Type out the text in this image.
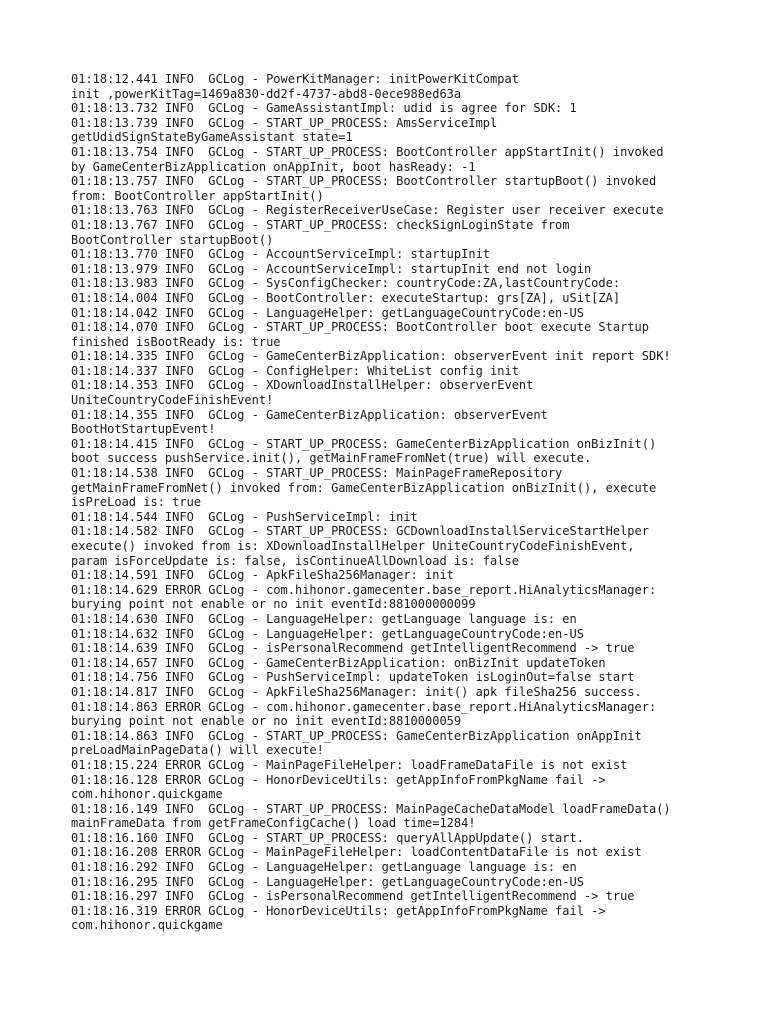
01:18:12.441 INFO  GCLog - PowerKitManager: initPowerKitCompat
init ,powerKitTag=1469a830-dd2f-4737-abd8-0ece988ed63a
01:18:13.732 INFO  GCLog - GameAssistantImpl: udid is agree for SDK: 1
01:18:13.739 INFO  GCLog - START_UP_PROCESS: AmsServiceImpl
getUdidSignStateByGameAssistant state=1
01:18:13.754 INFO  GCLog - START_UP_PROCESS: BootController appStartInit() invoked
by GameCenterBizApplication onAppInit, boot hasReady: -1
01:18:13.757 INFO  GCLog - START_UP_PROCESS: BootController startupBoot() invoked
from: BootController appStartInit()
01:18:13.763 INFO  GCLog - RegisterReceiverUseCase: Register user receiver execute
01:18:13.767 INFO  GCLog - START_UP_PROCESS: checkSignLoginState from
BootController startupBoot()
01:18:13.770 INFO  GCLog - AccountServiceImpl: startupInit
01:18:13.979 INFO  GCLog - AccountServiceImpl: startupInit end not login
01:18:13.983 INFO  GCLog - SysConfigChecker: countryCode:ZA,lastCountryCode:
01:18:14.004 INFO  GCLog - BootController: executeStartup: grs[ZA], uSit[ZA]
01:18:14.042 INFO  GCLog - LanguageHelper: getLanguageCountryCode:en-US
01:18:14.070 INFO  GCLog - START_UP_PROCESS: BootController boot execute Startup
finished isBootReady is: true
01:18:14.335 INFO  GCLog - GameCenterBizApplication: observerEvent init report SDK!
01:18:14.337 INFO  GCLog - ConfigHelper: WhiteList config init
01:18:14.353 INFO  GCLog - XDownloadInstallHelper: observerEvent
UniteCountryCodeFinishEvent!
01:18:14.355 INFO  GCLog - GameCenterBizApplication: observerEvent
BootHotStartupEvent!
01:18:14.415 INFO  GCLog - START_UP_PROCESS: GameCenterBizApplication onBizInit()
boot success pushService.init(), getMainFrameFromNet(true) will execute.
01:18:14.538 INFO  GCLog - START_UP_PROCESS: MainPageFrameRepository
getMainFrameFromNet() invoked from: GameCenterBizApplication onBizInit(), execute
isPreLoad is: true
01:18:14.544 INFO  GCLog - PushServiceImpl: init
01:18:14.582 INFO  GCLog - START_UP_PROCESS: GCDownloadInstallServiceStartHelper
execute() invoked from is: XDownloadInstallHelper UniteCountryCodeFinishEvent,
param isForceUpdate is: false, isContinueAllDownload is: false
01:18:14.591 INFO  GCLog - ApkFileSha256Manager: init
01:18:14.629 ERROR GCLog - com.hihonor.gamecenter.base_report.HiAnalyticsManager:
burying point not enable or no init eventId:881000000099
01:18:14.630 INFO  GCLog - LanguageHelper: getLanguage language is: en
01:18:14.632 INFO  GCLog - LanguageHelper: getLanguageCountryCode:en-US
01:18:14.639 INFO  GCLog - isPersonalRecommend getIntelligentRecommend -> true
01:18:14.657 INFO  GCLog - GameCenterBizApplication: onBizInit updateToken
01:18:14.756 INFO  GCLog - PushServiceImpl: updateToken isLoginOut=false start
01:18:14.817 INFO  GCLog - ApkFileSha256Manager: init() apk fileSha256 success.
01:18:14.863 ERROR GCLog - com.hihonor.gamecenter.base_report.HiAnalyticsManager:
burying point not enable or no init eventId:8810000059
01:18:14.863 INFO  GCLog - START_UP_PROCESS: GameCenterBizApplication onAppInit
preLoadMainPageData() will execute!
01:18:15.224 ERROR GCLog - MainPageFileHelper: loadFrameDataFile is not exist
01:18:16.128 ERROR GCLog - HonorDeviceUtils: getAppInfoFromPkgName fail ->
com.hihonor.quickgame
01:18:16.149 INFO  GCLog - START_UP_PROCESS: MainPageCacheDataModel loadFrameData()
mainFrameData from getFrameConfigCache() load time=1284!
01:18:16.160 INFO  GCLog - START_UP_PROCESS: queryAllAppUpdate() start.
01:18:16.208 ERROR GCLog - MainPageFileHelper: loadContentDataFile is not exist
01:18:16.292 INFO  GCLog - LanguageHelper: getLanguage language is: en
01:18:16.295 INFO  GCLog - LanguageHelper: getLanguageCountryCode:en-US
01:18:16.297 INFO  GCLog - isPersonalRecommend getIntelligentRecommend -> true
01:18:16.319 ERROR GCLog - HonorDeviceUtils: getAppInfoFromPkgName fail ->
com.hihonor.quickgame
